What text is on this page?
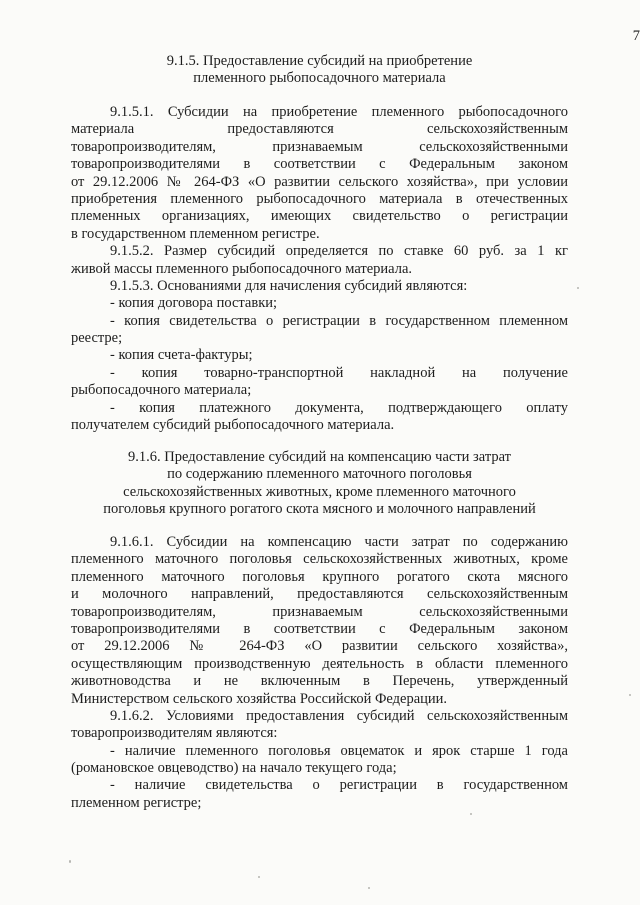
7
9.1.5. Предоставление субсидий на приобретение
племенного рыбопосадочного материала
9.1.5.1. Субсидии на приобретение племенного рыбопосадочного
материала предоставляются сельскохозяйственным
товаропроизводителям, признаваемым сельскохозяйственными
товаропроизводителями в соответствии с Федеральным законом
от 29.12.2006 № 264-ФЗ «О развитии сельского хозяйства», при условии
приобретения племенного рыбопосадочного материала в отечественных
племенных организациях, имеющих свидетельство о регистрации
в государственном племенном регистре.
9.1.5.2. Размер субсидий определяется по ставке 60 руб. за 1 кг
живой массы племенного рыбопосадочного материала.
9.1.5.3. Основаниями для начисления субсидий являются:
- копия договора поставки;
- копия свидетельства о регистрации в государственном племенном
реестре;
- копия счета-фактуры;
- копия товарно-транспортной накладной на получение
рыбопосадочного материала;
- копия платежного документа, подтверждающего оплату
получателем субсидий рыбопосадочного материала.
9.1.6. Предоставление субсидий на компенсацию части затрат
по содержанию племенного маточного поголовья
сельскохозяйственных животных, кроме племенного маточного
поголовья крупного рогатого скота мясного и молочного направлений
9.1.6.1. Субсидии на компенсацию части затрат по содержанию
племенного маточного поголовья сельскохозяйственных животных, кроме
племенного маточного поголовья крупного рогатого скота мясного
и молочного направлений, предоставляются сельскохозяйственным
товаропроизводителям, признаваемым сельскохозяйственными
товаропроизводителями в соответствии с Федеральным законом
от 29.12.2006 № 264-ФЗ «О развитии сельского хозяйства»,
осуществляющим производственную деятельность в области племенного
животноводства и не включенным в Перечень, утвержденный
Министерством сельского хозяйства Российской Федерации.
9.1.6.2. Условиями предоставления субсидий сельскохозяйственным
товаропроизводителям являются:
- наличие племенного поголовья овцематок и ярок старше 1 года
(романовское овцеводство) на начало текущего года;
- наличие свидетельства о регистрации в государственном
племенном регистре;
